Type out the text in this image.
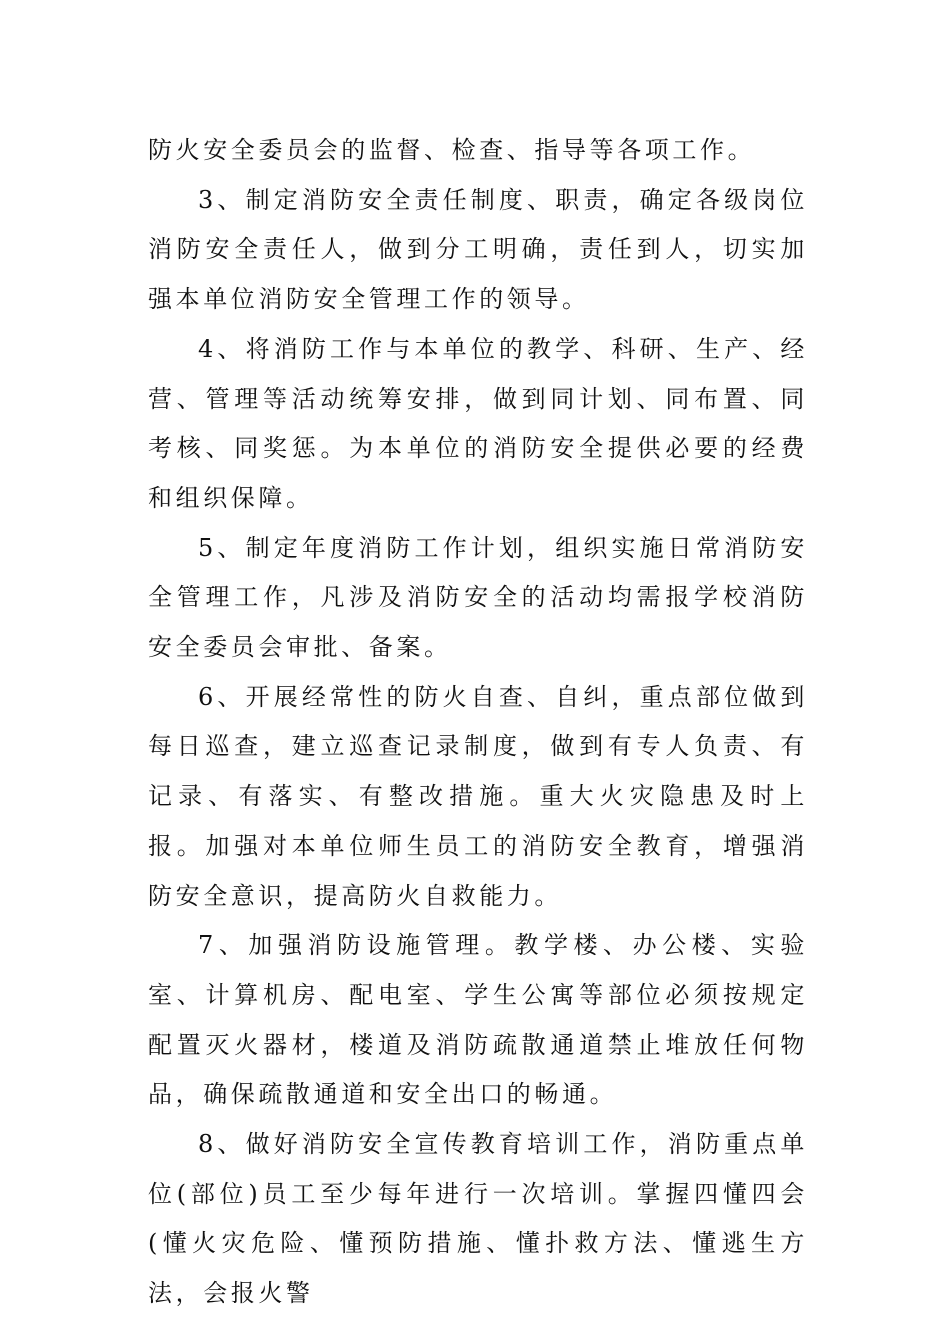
防火安全委员会的监督、检查、指导等各项工作。

3、制定消防安全责任制度、职责，确定各级岗位消防安全责任人，做到分工明确，责任到人，切实加强本单位消防安全管理工作的领导。

4、将消防工作与本单位的教学、科研、生产、经营、管理等活动统筹安排，做到同计划、同布置、同考核、同奖惩。为本单位的消防安全提供必要的经费和组织保障。

5、制定年度消防工作计划，组织实施日常消防安全管理工作，凡涉及消防安全的活动均需报学校消防安全委员会审批、备案。

6、开展经常性的防火自查、自纠，重点部位做到每日巡查，建立巡查记录制度，做到有专人负责、有记录、有落实、有整改措施。重大火灾隐患及时上报。加强对本单位师生员工的消防安全教育，增强消防安全意识，提高防火自救能力。

7、加强消防设施管理。教学楼、办公楼、实验室、计算机房、配电室、学生公寓等部位必须按规定配置灭火器材，楼道及消防疏散通道禁止堆放任何物品，确保疏散通道和安全出口的畅通。

8、做好消防安全宣传教育培训工作，消防重点单位(部位)员工至少每年进行一次培训。掌握四懂四会(懂火灾危险、懂预防措施、懂扑救方法、懂逃生方法，会报火警
